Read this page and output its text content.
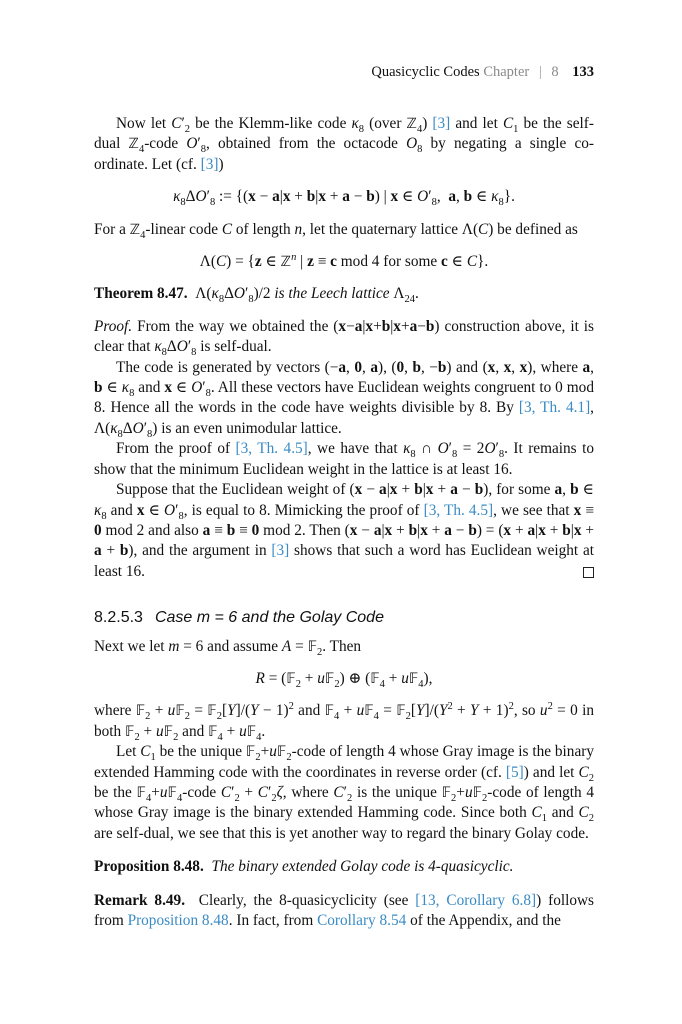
Quasicyclic Codes Chapter | 8 133

Now let $C'_2$ be the Klemm-like code $\kappa_8$ (over ℤ$_4$) [3] and let $C_1$ be the self-dual ℤ$_4$-code $O'_8$, obtained from the octacode $O_8$ by negating a single co-ordinate. Let (cf. [3])

$\kappa_8\Delta O'_8$ := {(x − a|x + b|x + a − b) | x ∈ $O'_8$,  a, b ∈ $\kappa_8$}.

For a ℤ$_4$-linear code C of length n, let the quaternary lattice Λ(C) be defined as

Λ(C) = {z ∈ ℤ$^n$ | z ≡ c mod 4 for some c ∈ C}.

Theorem 8.47.  $\Lambda(\kappa_8\Delta O'_8)/2$ is the Leech lattice $\Lambda_{24}$.

Proof. From the way we obtained the (x−a|x+b|x+a−b) construction above, it is clear that $\kappa_8\Delta O'_8$ is self-dual.

The code is generated by vectors (−a, 0, a), (0, b, −b) and (x, x, x), where a, b ∈ $\kappa_8$ and x ∈ $O'_8$. All these vectors have Euclidean weights congruent to 0 mod 8. Hence all the words in the code have weights divisible by 8. By [3, Th. 4.1], $\Lambda(\kappa_8\Delta O'_8)$ is an even unimodular lattice.

From the proof of [3, Th. 4.5], we have that $\kappa_8$ ∩ $O'_8 = 2O'_8$. It remains to show that the minimum Euclidean weight in the lattice is at least 16.

Suppose that the Euclidean weight of (x − a|x + b|x + a − b), for some a, b ∈ $\kappa_8$ and x ∈ $O'_8$, is equal to 8. Mimicking the proof of [3, Th. 4.5], we see that x ≡ 0 mod 2 and also a ≡ b ≡ 0 mod 2. Then (x − a|x + b|x + a − b) = (x + a|x + b|x + a + b), and the argument in [3] shows that such a word has Euclidean weight at least 16.

8.2.5.3 Case m = 6 and the Golay Code

Next we let m = 6 and assume A = 𝔽$_2$. Then

R = (𝔽$_2$ + u𝔽$_2$) ⊕ (𝔽$_4$ + u𝔽$_4$),

where 𝔽$_2$ + u𝔽$_2$ = 𝔽$_2$[Y]/(Y − 1)$^2$ and 𝔽$_4$ + u𝔽$_4$ = $𝔽_2[Y]/(Y^2 + Y + 1)^2$, so $u^2 = 0$ in both 𝔽$_2$ + u𝔽$_2$ and 𝔽$_4$ + u𝔽$_4$.

Let $C_1$ be the unique 𝔽$_2$+u𝔽$_2$-code of length 4 whose Gray image is the binary extended Hamming code with the coordinates in reverse order (cf. [5]) and let $C_2$ be the 𝔽$_4$+u𝔽$_4$-code $C'_2 + C'_2\zeta$, where $C'_2$ is the unique 𝔽$_2$+u𝔽$_2$-code of length 4 whose Gray image is the binary extended Hamming code. Since both $C_1$ and $C_2$ are self-dual, we see that this is yet another way to regard the binary Golay code.

Proposition 8.48. The binary extended Golay code is 4-quasicyclic.

Remark 8.49.  Clearly, the 8-quasicyclicity (see [13, Corollary 6.8]) follows from Proposition 8.48. In fact, from Corollary 8.54 of the Appendix, and the
